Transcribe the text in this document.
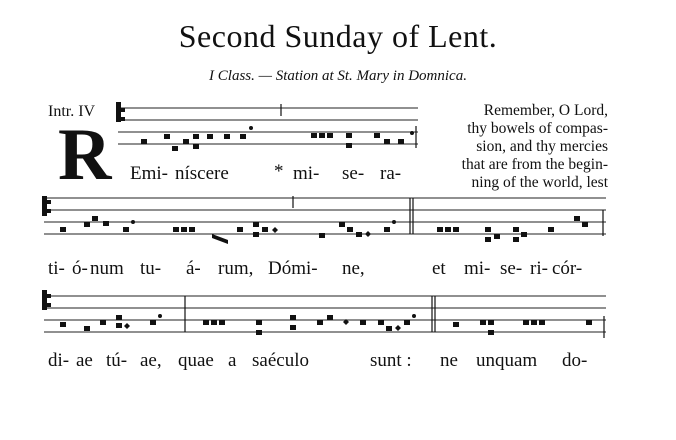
Second Sunday of Lent.
I Class. — Station at St. Mary in Domnica.
Intr. IV
R
Remember, O Lord,
thy bowels of compas-
sion, and thy mercies
that are from the begin-
ning of the world, lest
Emi- níscere * mi- se- ra-
ti- ó- num tu- á- rum, Dómi- ne,	et mi- se- ri- cór-
di- ae tú- ae, quae a saéculo	sunt : ne unquam do-
